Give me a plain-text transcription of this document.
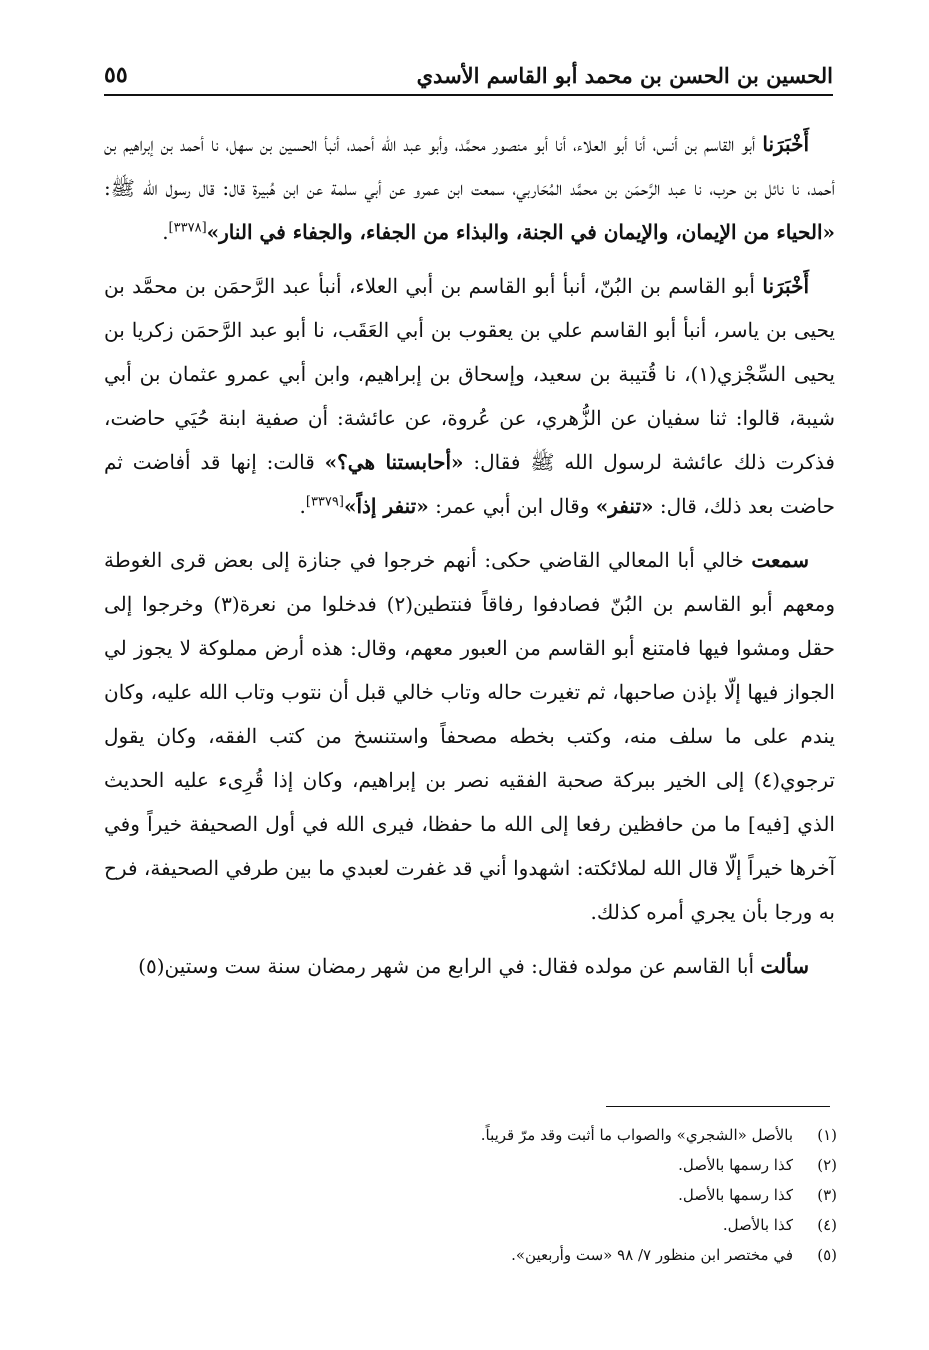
الحسين بن الحسن بن محمد أبو القاسم الأسدي
٥٥

أَخْبَرَنا أبو القاسم بن أنس، أنا أبو العلاء، أنا أبو منصور محمَّد، وأبو عبد الله أحمد، أنبأ الحسين بن سهل، نا أحمد بن إبراهيم بن أحمد، نا نائل بن حرب، نا عبد الرَّحمَن بن محمَّد المُحَاربي، سمعت ابن عمرو عن أبي سلمة عن ابن هُبيرة قال: قال رسول الله ﷺ: «الحياء من الإيمان، والإيمان في الجنة، والبذاء من الجفاء، والجفاء في النار»[٣٣٧٨].

أَخْبَرَنا أبو القاسم بن البُنّ، أنبأ أبو القاسم بن أبي العلاء، أنبأ عبد الرَّحمَن بن محمَّد بن يحيى بن ياسر، أنبأ أبو القاسم علي بن يعقوب بن أبي العَقَب، نا أبو عبد الرَّحمَن زكريا بن يحيى السِّجْزي(١)، نا قُتيبة بن سعيد، وإسحاق بن إبراهيم، وابن أبي عمرو عثمان بن أبي شيبة، قالوا: ثنا سفيان عن الزُّهري، عن عُروة، عن عائشة: أن صفية ابنة حُيَي حاضت، فذكرت ذلك عائشة لرسول الله ﷺ فقال: «أحابستنا هي؟» قالت: إنها قد أفاضت ثم حاضت بعد ذلك، قال: «تنفر» وقال ابن أبي عمر: «تنفر إذاً»[٣٣٧٩].

سمعت خالي أبا المعالي القاضي حكى: أنهم خرجوا في جنازة إلى بعض قرى الغوطة ومعهم أبو القاسم بن البُنّ فصادفوا رفاقاً فنتطين(٢) فدخلوا من نعرة(٣) وخرجوا إلى حقل ومشوا فيها فامتنع أبو القاسم من العبور معهم، وقال: هذه أرض مملوكة لا يجوز لي الجواز فيها إلّا بإذن صاحبها، ثم تغيرت حاله وتاب خالي قبل أن نتوب وتاب الله عليه، وكان يندم على ما سلف منه، وكتب بخطه مصحفاً واستنسخ من كتب الفقه، وكان يقول ترجوي(٤) إلى الخير ببركة صحبة الفقيه نصر بن إبراهيم، وكان إذا قُرِىء عليه الحديث الذي [فيه] ما من حافظين رفعا إلى الله ما حفظا، فيرى الله في أول الصحيفة خيراً وفي آخرها خيراً إلّا قال الله لملائكته: اشهدوا أني قد غفرت لعبدي ما بين طرفي الصحيفة، فرح به ورجا بأن يجري أمره كذلك.

سألت أبا القاسم عن مولده فقال: في الرابع من شهر رمضان سنة ست وستين(٥)

(١)
بالأصل «الشجري» والصواب ما أثبت وقد مرّ قريباً.
(٢)
كذا رسمها بالأصل.
(٣)
كذا رسمها بالأصل.
(٤)
كذا بالأصل.
(٥)
في مختصر ابن منظور ٧/ ٩٨ «ست وأربعين».
